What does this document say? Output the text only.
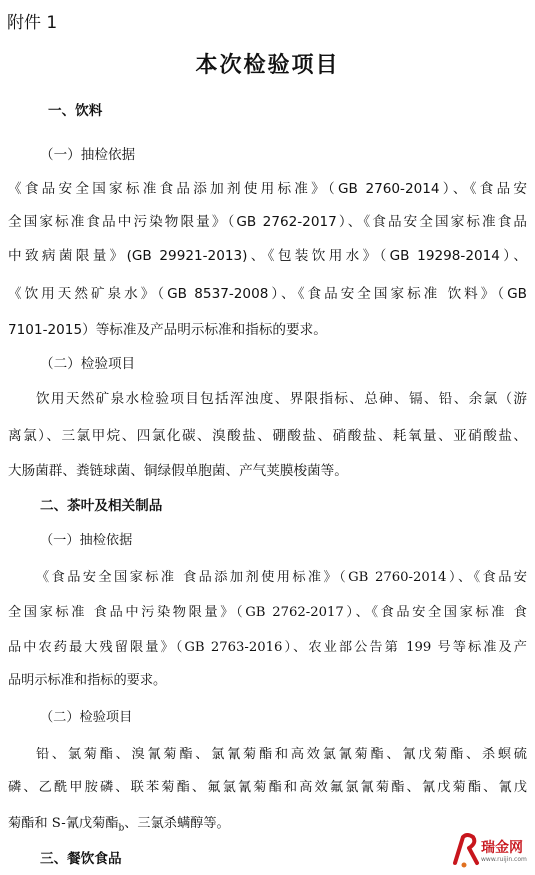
附件 1
本次检验项目
一、饮料
（一）抽检依据
《食品安全国家标准食品添加剂使用标准》（GB 2760-2014）、《食品安
全国家标准食品中污染物限量》（GB 2762-2017）、《食品安全国家标准食品
中致病菌限量》(GB 29921-2013)、《包装饮用水》（GB 19298-2014）、
《饮用天然矿泉水》（GB 8537-2008）、《食品安全国家标准 饮料》（GB
7101-2015）等标准及产品明示标准和指标的要求。
（二）检验项目
饮用天然矿泉水检验项目包括浑浊度、界限指标、总砷、镉、铅、余氯（游
离氯）、三氯甲烷、四氯化碳、溴酸盐、硼酸盐、硝酸盐、耗氧量、亚硝酸盐、
大肠菌群、粪链球菌、铜绿假单胞菌、产气荚膜梭菌等。
二、茶叶及相关制品
（一）抽检依据
《食品安全国家标准 食品添加剂使用标准》（GB 2760-2014）、《食品安
全国家标准 食品中污染物限量》（GB 2762-2017）、《食品安全国家标准 食
品中农药最大残留限量》（GB 2763-2016）、农业部公告第 199 号等标准及产
品明示标准和指标的要求。
（二）检验项目
铅、氯菊酯、溴氰菊酯、氯氰菊酯和高效氯氰菊酯、氰戊菊酯、杀螟硫
磷、乙酰甲胺磷、联苯菊酯、氟氯氰菊酯和高效氟氯氰菊酯、氰戊菊酯、氰戊
菊酯和 S-氰戊菊酯$_b$、三氯杀螨醇等。
三、餐饮食品
瑞金网
www.ruijin.com
